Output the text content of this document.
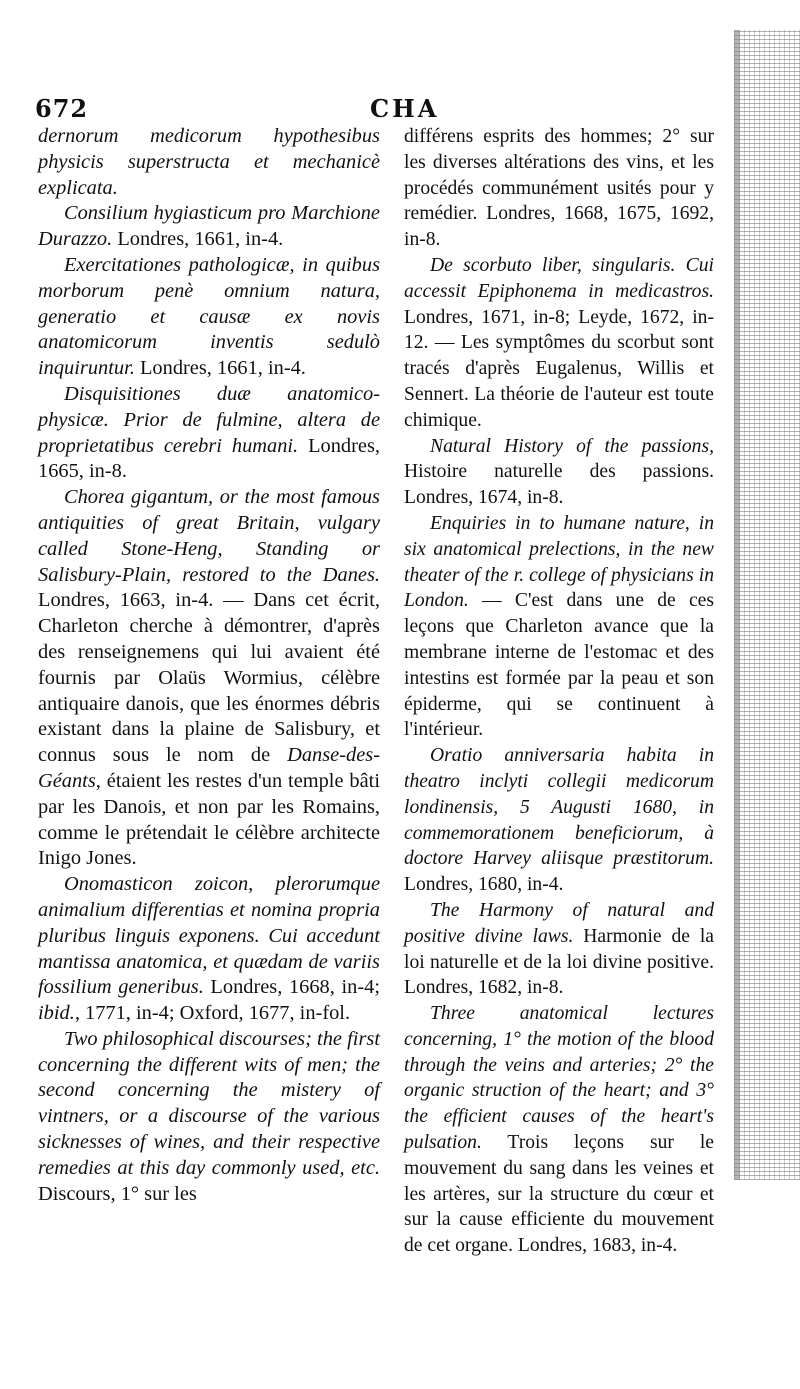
672	CHA

dernorum medicorum hypothesibus physicis superstructa et mechanicè explicata.

Consilium hygiasticum pro Marchione Durazzo. Londres, 1661, in-4.

Exercitationes pathologicæ, in quibus morborum penè omnium natura, generatio et causæ ex novis anatomicorum inventis sedulò inquiruntur. Londres, 1661, in-4.

Disquisitiones duæ anatomico-physicæ. Prior de fulmine, altera de proprietatibus cerebri humani. Londres, 1665, in-8.

Chorea gigantum, or the most famous antiquities of great Britain, vulgary called Stone-Heng, Standing or Salisbury-Plain, restored to the Danes. Londres, 1663, in-4. — Dans cet écrit, Charleton cherche à démontrer, d'après des renseignemens qui lui avaient été fournis par Olaüs Wormius, célèbre antiquaire danois, que les énormes débris existant dans la plaine de Salisbury, et connus sous le nom de Danse-des-Géants, étaient les restes d'un temple bâti par les Danois, et non par les Romains, comme le prétendait le célèbre architecte Inigo Jones.

Onomasticon zoicon, plerorumque animalium differentias et nomina propria pluribus linguis exponens. Cui accedunt mantissa anatomica, et quædam de variis fossilium generibus. Londres, 1668, in-4; ibid., 1771, in-4; Oxford, 1677, in-fol.

Two philosophical discourses; the first concerning the different wits of men; the second concerning the mistery of vintners, or a discourse of the various sicknesses of wines, and their respective remedies at this day commonly used, etc. Discours, 1° sur les

différens esprits des hommes; 2° sur les diverses altérations des vins, et les procédés communément usités pour y remédier. Londres, 1668, 1675, 1692, in-8.

De scorbuto liber, singularis. Cui accessit Epiphonema in medicastros. Londres, 1671, in-8; Leyde, 1672, in-12. — Les symptômes du scorbut sont tracés d'après Eugalenus, Willis et Sennert. La théorie de l'auteur est toute chimique.

Natural History of the passions, Histoire naturelle des passions. Londres, 1674, in-8.

Enquiries in to humane nature, in six anatomical prelections, in the new theater of the r. college of physicians in London. — C'est dans une de ces leçons que Charleton avance que la membrane interne de l'estomac et des intestins est formée par la peau et son épiderme, qui se continuent à l'intérieur.

Oratio anniversaria habita in theatro inclyti collegii medicorum londinensis, 5 Augusti 1680, in commemorationem beneficiorum, à doctore Harvey aliisque præstitorum. Londres, 1680, in-4.

The Harmony of natural and positive divine laws. Harmonie de la loi naturelle et de la loi divine positive. Londres, 1682, in-8.

Three anatomical lectures concerning, 1° the motion of the blood through the veins and arteries; 2° the organic struction of the heart; and 3° the efficient causes of the heart's pulsation. Trois leçons sur le mouvement du sang dans les veines et les artères, sur la structure du cœur et sur la cause efficiente du mouvement de cet organe. Londres, 1683, in-4.
